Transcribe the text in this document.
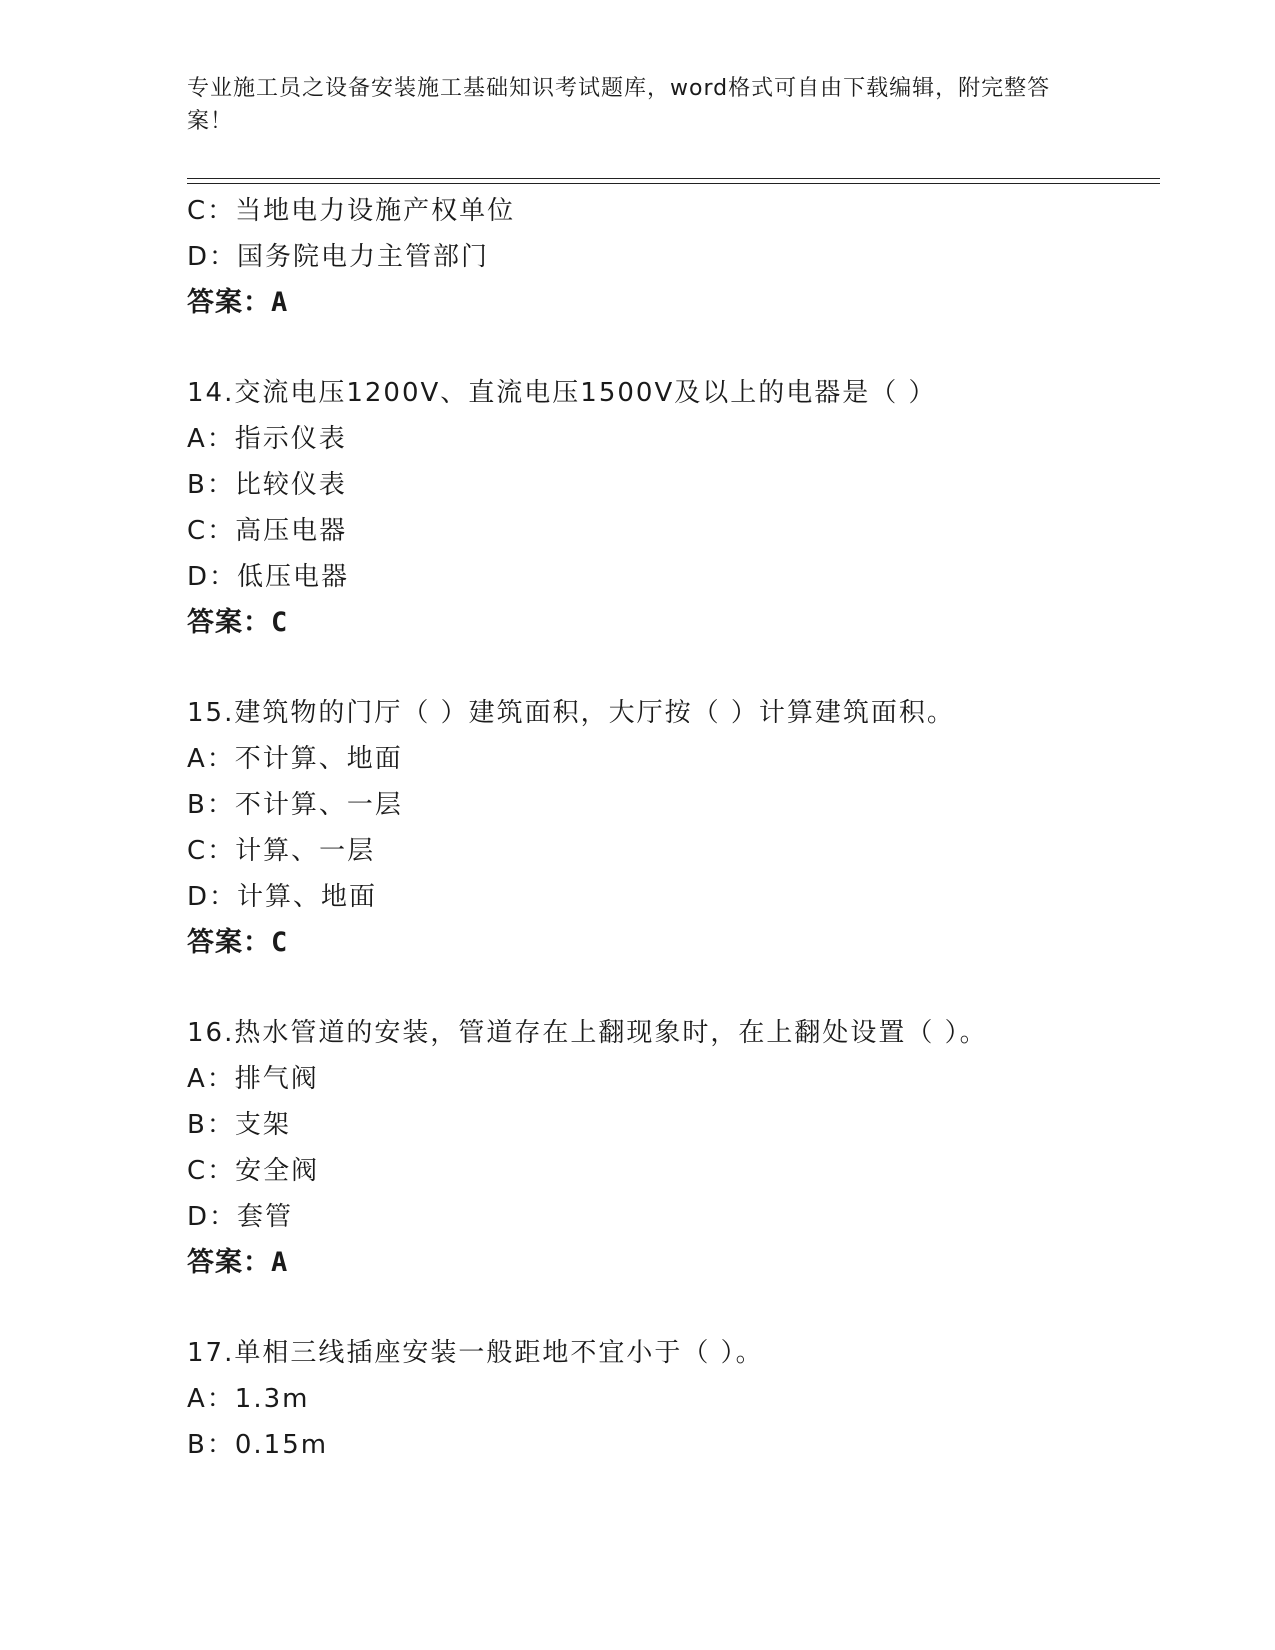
专业施工员之设备安装施工基础知识考试题库，word格式可自由下载编辑，附完整答案！
C：当地电力设施产权单位
D：国务院电力主管部门
答案：A
14.交流电压1200V、直流电压1500V及以上的电器是（ ）
A：指示仪表
B：比较仪表
C：高压电器
D：低压电器
答案：C
15.建筑物的门厅（ ）建筑面积，大厅按（ ）计算建筑面积。
A：不计算、地面
B：不计算、一层
C：计算、一层
D：计算、地面
答案：C
16.热水管道的安装，管道存在上翻现象时，在上翻处设置（ ）。
A：排气阀
B：支架
C：安全阀
D：套管
答案：A
17.单相三线插座安装一般距地不宜小于（ ）。
A：1.3m
B：0.15m
